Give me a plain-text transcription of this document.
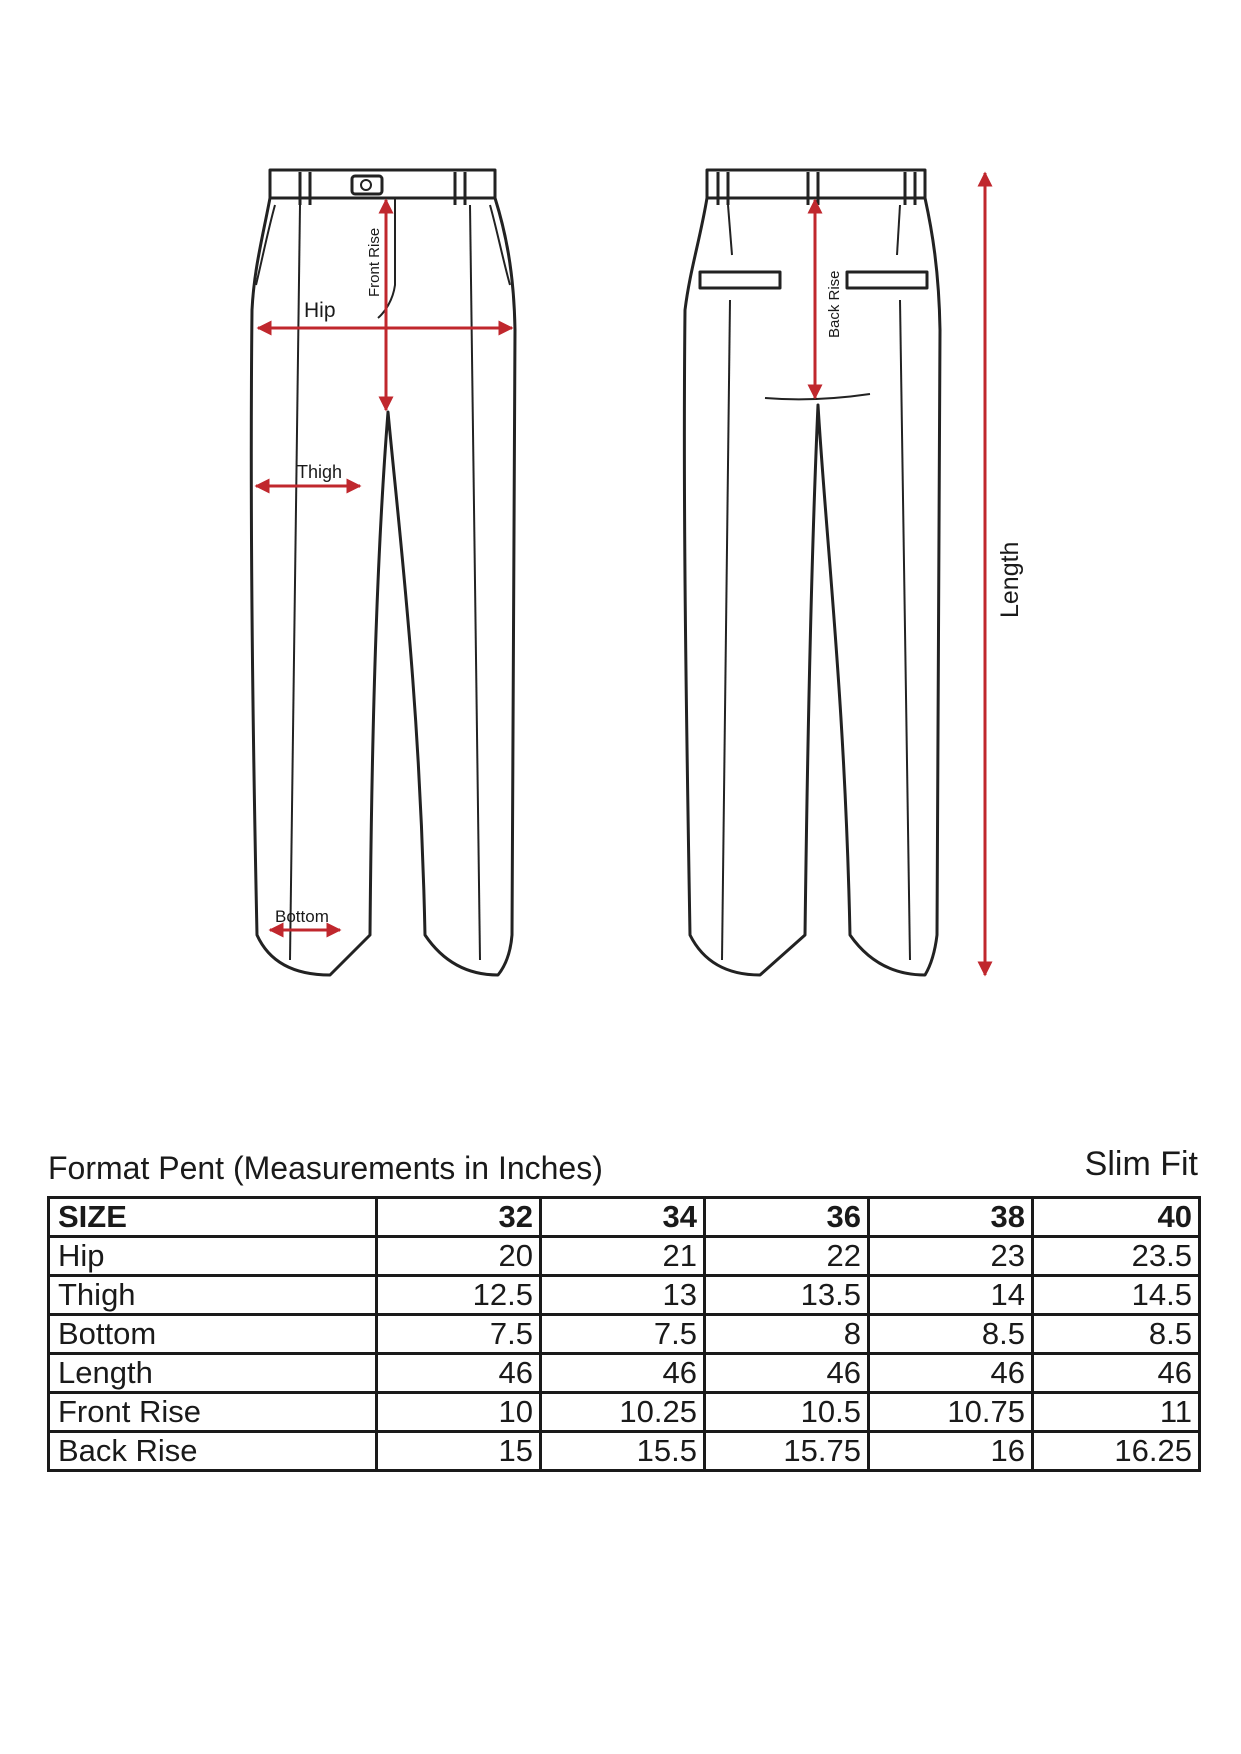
Front Rise
Hip
Thigh
Bottom
Back Rise
Length
Format Pent (Measurements in Inches)	Slim Fit
SIZE	32	34	36	38	40
Hip	20	21	22	23	23.5
Thigh	12.5	13	13.5	14	14.5
Bottom	7.5	7.5	8	8.5	8.5
Length	46	46	46	46	46
Front Rise	10	10.25	10.5	10.75	11
Back Rise	15	15.5	15.75	16	16.25
